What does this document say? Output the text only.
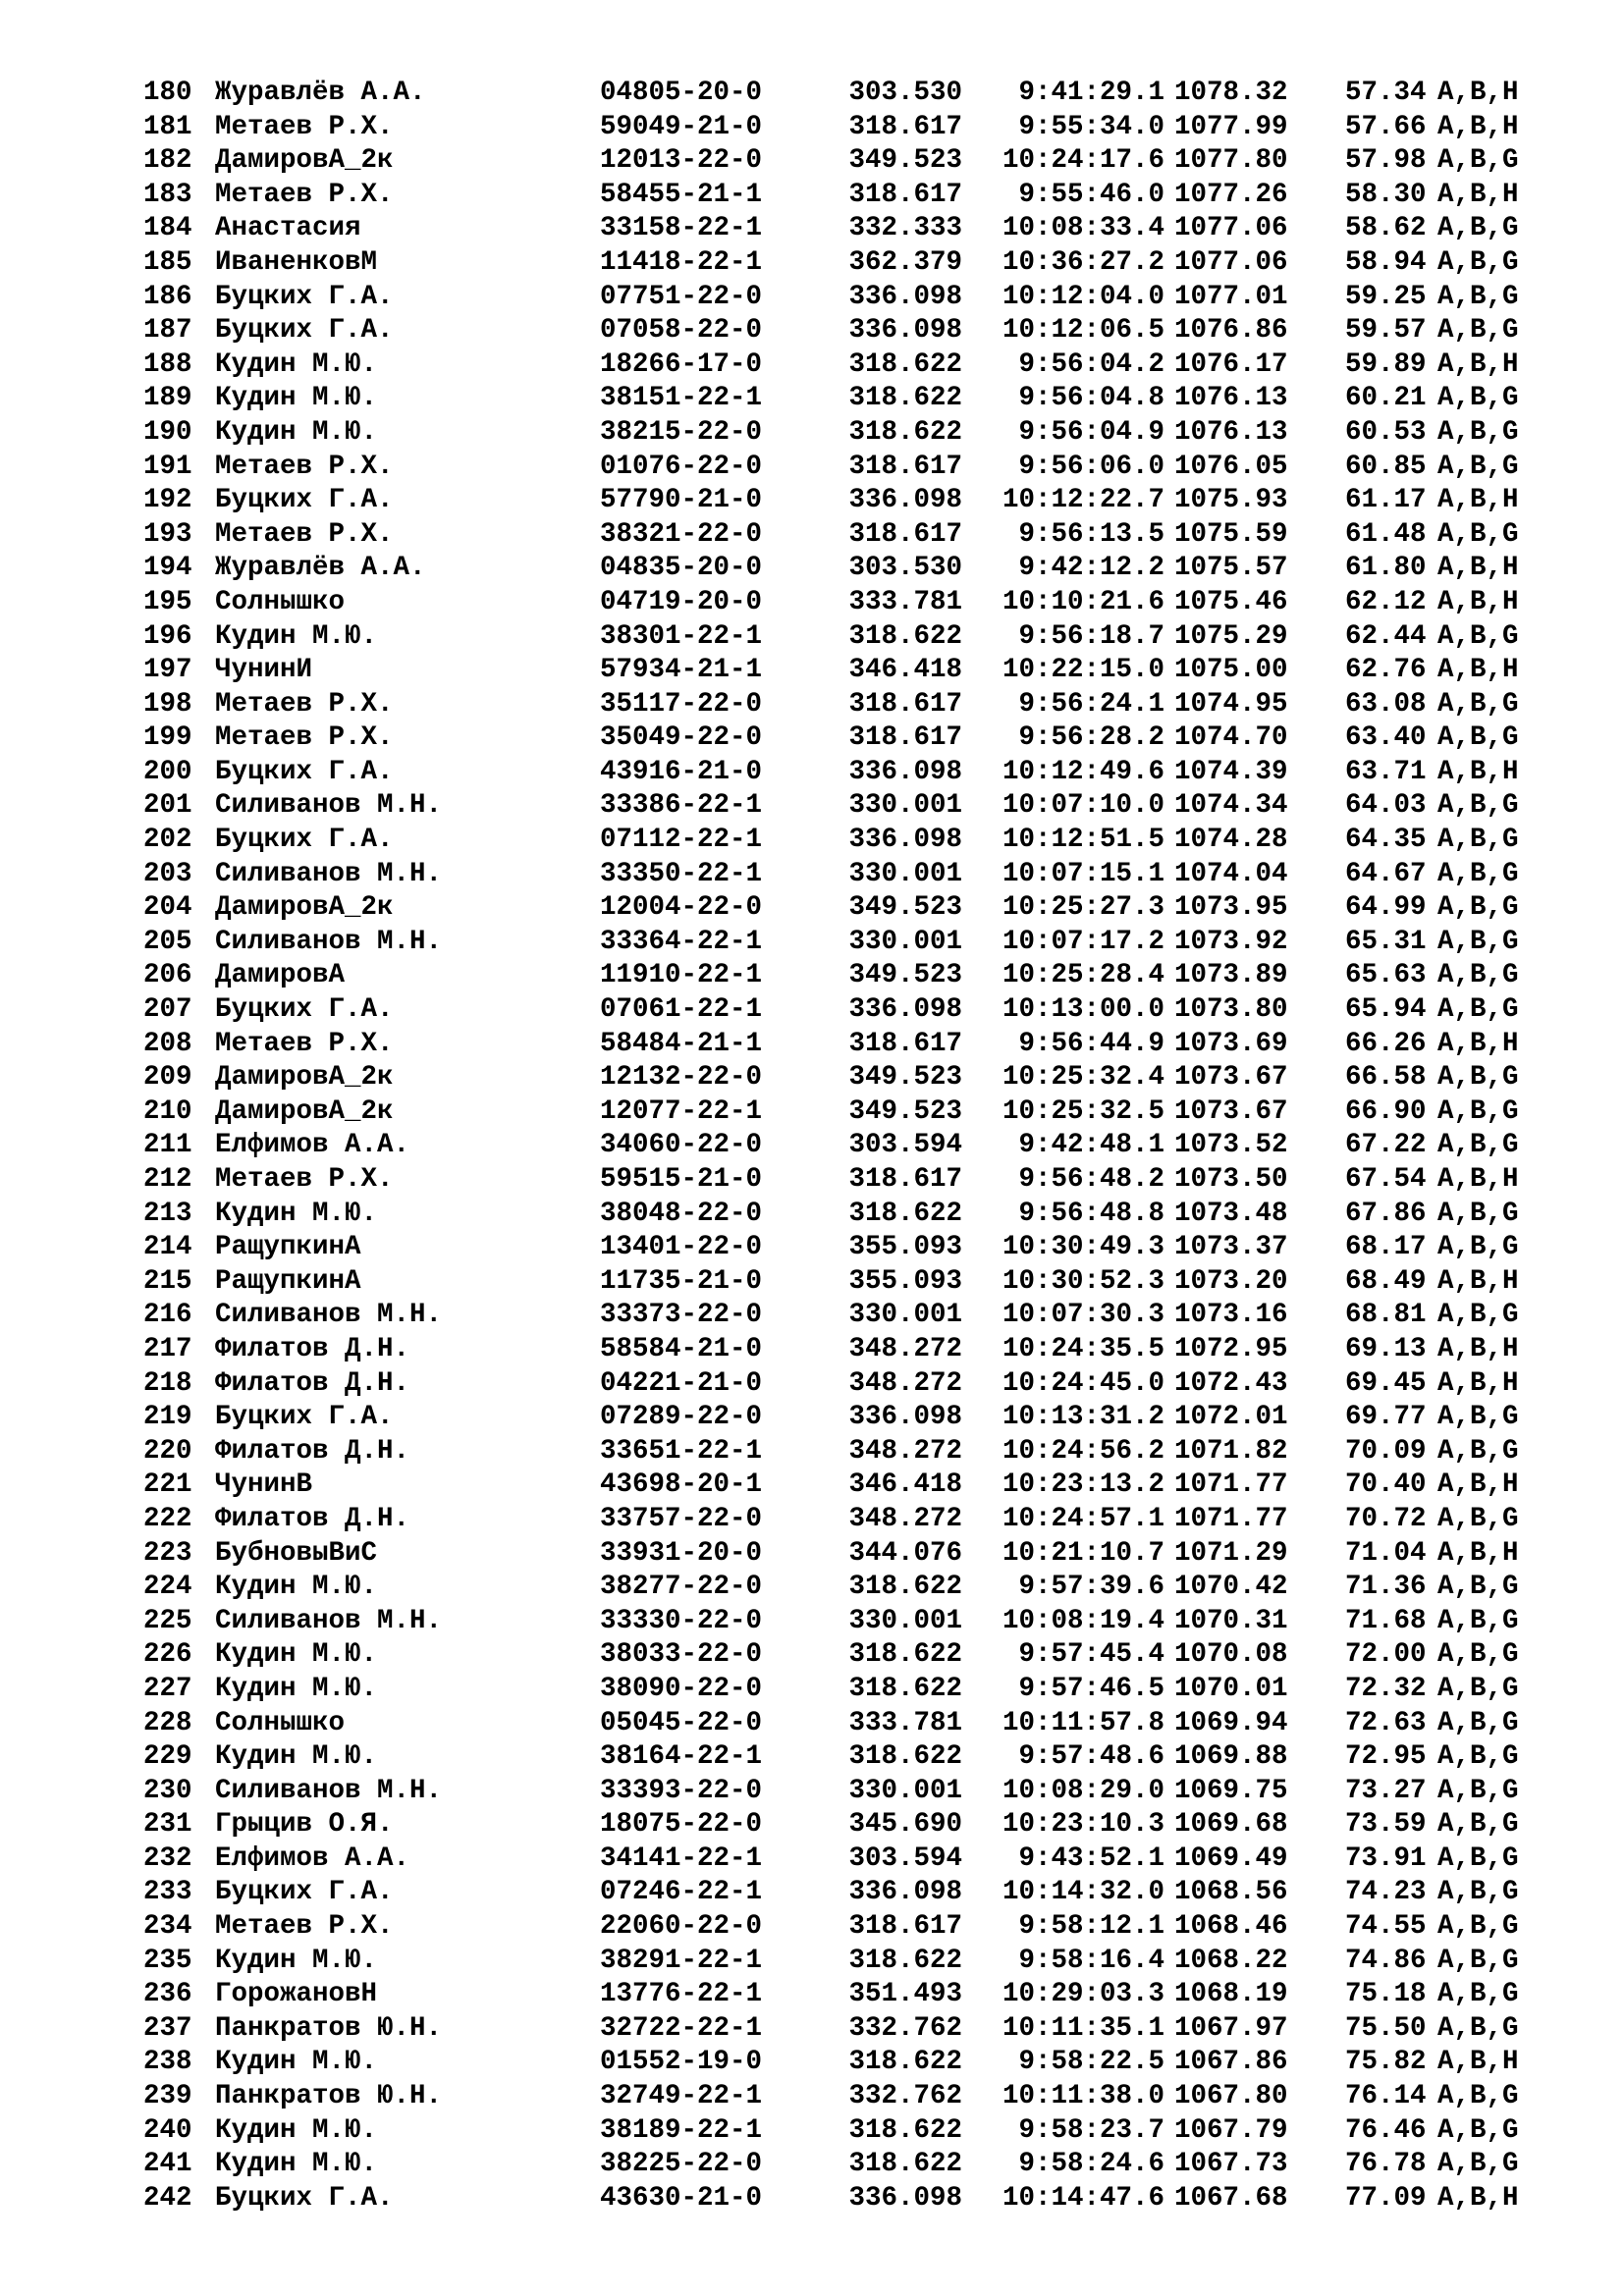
180 Журавлёв А.А.	04805-20-0	303.530	9:41:29.1 1078.32 57.34 A,B,H
181 Метаев Р.Х.	59049-21-0	318.617	9:55:34.0 1077.99 57.66 A,B,H
182 ДамировА_2к	12013-22-0	349.523	10:24:17.6 1077.80 57.98 A,B,G
183 Метаев Р.Х.	58455-21-1	318.617	9:55:46.0 1077.26 58.30 A,B,H
184 Анастасия	33158-22-1	332.333	10:08:33.4 1077.06 58.62 A,B,G
185 ИваненковМ	11418-22-1	362.379	10:36:27.2 1077.06 58.94 A,B,G
186 Буцких Г.А.	07751-22-0	336.098	10:12:04.0 1077.01 59.25 A,B,G
187 Буцких Г.А.	07058-22-0	336.098	10:12:06.5 1076.86 59.57 A,B,G
188 Кудин М.Ю.	18266-17-0	318.622	9:56:04.2 1076.17 59.89 A,B,H
189 Кудин М.Ю.	38151-22-1	318.622	9:56:04.8 1076.13 60.21 A,B,G
190 Кудин М.Ю.	38215-22-0	318.622	9:56:04.9 1076.13 60.53 A,B,G
191 Метаев Р.Х.	01076-22-0	318.617	9:56:06.0 1076.05 60.85 A,B,G
192 Буцких Г.А.	57790-21-0	336.098	10:12:22.7 1075.93 61.17 A,B,H
193 Метаев Р.Х.	38321-22-0	318.617	9:56:13.5 1075.59 61.48 A,B,G
194 Журавлёв А.А.	04835-20-0	303.530	9:42:12.2 1075.57 61.80 A,B,H
195 Солнышко	04719-20-0	333.781	10:10:21.6 1075.46 62.12 A,B,H
196 Кудин М.Ю.	38301-22-1	318.622	9:56:18.7 1075.29 62.44 A,B,G
197 ЧунинИ	57934-21-1	346.418	10:22:15.0 1075.00 62.76 A,B,H
198 Метаев Р.Х.	35117-22-0	318.617	9:56:24.1 1074.95 63.08 A,B,G
199 Метаев Р.Х.	35049-22-0	318.617	9:56:28.2 1074.70 63.40 A,B,G
200 Буцких Г.А.	43916-21-0	336.098	10:12:49.6 1074.39 63.71 A,B,H
201 Силиванов М.Н.	33386-22-1	330.001	10:07:10.0 1074.34 64.03 A,B,G
202 Буцких Г.А.	07112-22-1	336.098	10:12:51.5 1074.28 64.35 A,B,G
203 Силиванов М.Н.	33350-22-1	330.001	10:07:15.1 1074.04 64.67 A,B,G
204 ДамировА_2к	12004-22-0	349.523	10:25:27.3 1073.95 64.99 A,B,G
205 Силиванов М.Н.	33364-22-1	330.001	10:07:17.2 1073.92 65.31 A,B,G
206 ДамировА	11910-22-1	349.523	10:25:28.4 1073.89 65.63 A,B,G
207 Буцких Г.А.	07061-22-1	336.098	10:13:00.0 1073.80 65.94 A,B,G
208 Метаев Р.Х.	58484-21-1	318.617	9:56:44.9 1073.69 66.26 A,B,H
209 ДамировА_2к	12132-22-0	349.523	10:25:32.4 1073.67 66.58 A,B,G
210 ДамировА_2к	12077-22-1	349.523	10:25:32.5 1073.67 66.90 A,B,G
211 Елфимов А.А.	34060-22-0	303.594	9:42:48.1 1073.52 67.22 A,B,G
212 Метаев Р.Х.	59515-21-0	318.617	9:56:48.2 1073.50 67.54 A,B,H
213 Кудин М.Ю.	38048-22-0	318.622	9:56:48.8 1073.48 67.86 A,B,G
214 РащупкинА	13401-22-0	355.093	10:30:49.3 1073.37 68.17 A,B,G
215 РащупкинА	11735-21-0	355.093	10:30:52.3 1073.20 68.49 A,B,H
216 Силиванов М.Н.	33373-22-0	330.001	10:07:30.3 1073.16 68.81 A,B,G
217 Филатов Д.Н.	58584-21-0	348.272	10:24:35.5 1072.95 69.13 A,B,H
218 Филатов Д.Н.	04221-21-0	348.272	10:24:45.0 1072.43 69.45 A,B,H
219 Буцких Г.А.	07289-22-0	336.098	10:13:31.2 1072.01 69.77 A,B,G
220 Филатов Д.Н.	33651-22-1	348.272	10:24:56.2 1071.82 70.09 A,B,G
221 ЧунинВ	43698-20-1	346.418	10:23:13.2 1071.77 70.40 A,B,H
222 Филатов Д.Н.	33757-22-0	348.272	10:24:57.1 1071.77 70.72 A,B,G
223 БубновыВиС	33931-20-0	344.076	10:21:10.7 1071.29 71.04 A,B,H
224 Кудин М.Ю.	38277-22-0	318.622	9:57:39.6 1070.42 71.36 A,B,G
225 Силиванов М.Н.	33330-22-0	330.001	10:08:19.4 1070.31 71.68 A,B,G
226 Кудин М.Ю.	38033-22-0	318.622	9:57:45.4 1070.08 72.00 A,B,G
227 Кудин М.Ю.	38090-22-0	318.622	9:57:46.5 1070.01 72.32 A,B,G
228 Солнышко	05045-22-0	333.781	10:11:57.8 1069.94 72.63 A,B,G
229 Кудин М.Ю.	38164-22-1	318.622	9:57:48.6 1069.88 72.95 A,B,G
230 Силиванов М.Н.	33393-22-0	330.001	10:08:29.0 1069.75 73.27 A,B,G
231 Грыцив О.Я.	18075-22-0	345.690	10:23:10.3 1069.68 73.59 A,B,G
232 Елфимов А.А.	34141-22-1	303.594	9:43:52.1 1069.49 73.91 A,B,G
233 Буцких Г.А.	07246-22-1	336.098	10:14:32.0 1068.56 74.23 A,B,G
234 Метаев Р.Х.	22060-22-0	318.617	9:58:12.1 1068.46 74.55 A,B,G
235 Кудин М.Ю.	38291-22-1	318.622	9:58:16.4 1068.22 74.86 A,B,G
236 ГорожановН	13776-22-1	351.493	10:29:03.3 1068.19 75.18 A,B,G
237 Панкратов Ю.Н.	32722-22-1	332.762	10:11:35.1 1067.97 75.50 A,B,G
238 Кудин М.Ю.	01552-19-0	318.622	9:58:22.5 1067.86 75.82 A,B,H
239 Панкратов Ю.Н.	32749-22-1	332.762	10:11:38.0 1067.80 76.14 A,B,G
240 Кудин М.Ю.	38189-22-1	318.622	9:58:23.7 1067.79 76.46 A,B,G
241 Кудин М.Ю.	38225-22-0	318.622	9:58:24.6 1067.73 76.78 A,B,G
242 Буцких Г.А.	43630-21-0	336.098	10:14:47.6 1067.68 77.09 A,B,H
